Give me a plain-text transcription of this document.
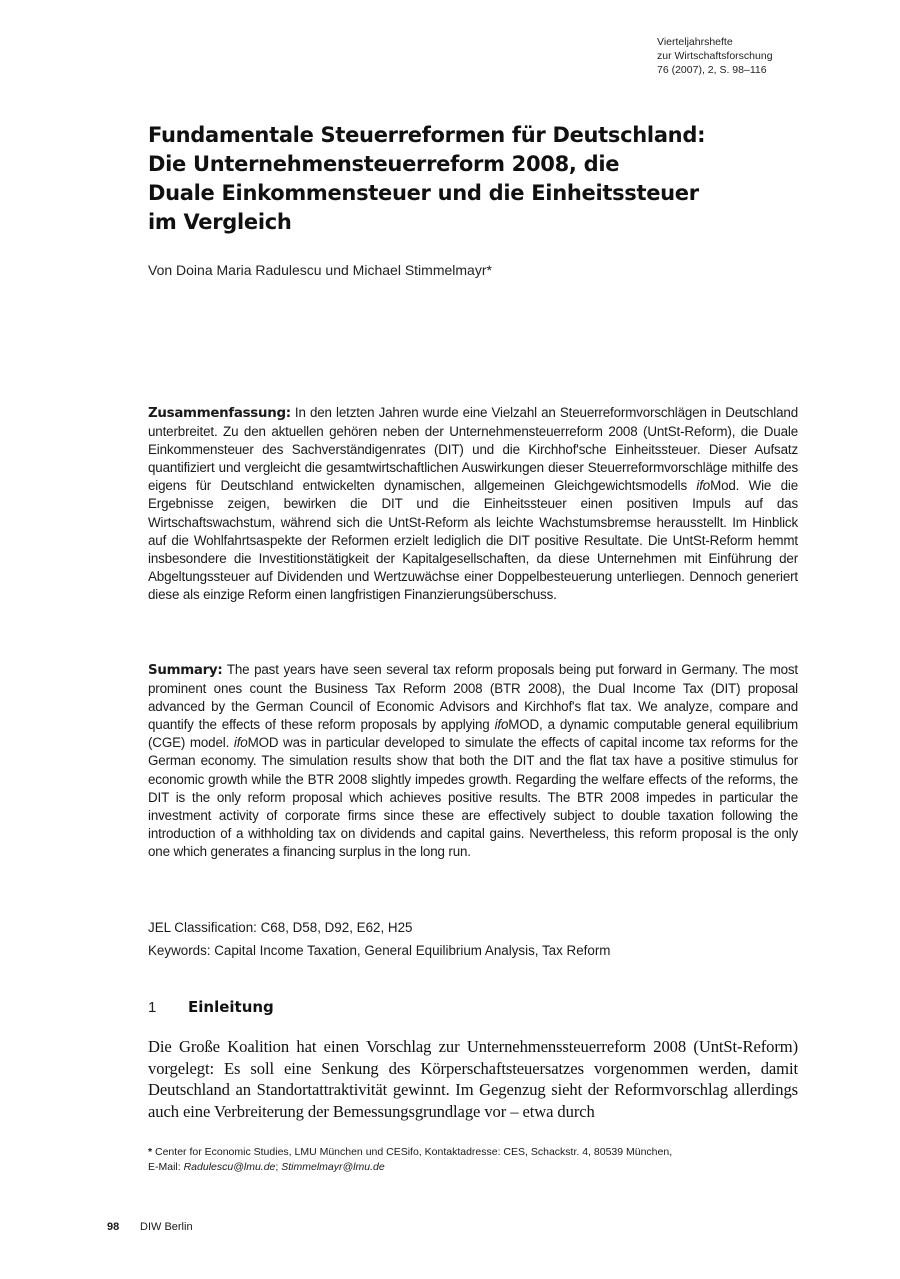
Vierteljahrshefte
zur Wirtschaftsforschung
76 (2007), 2, S. 98–116
Fundamentale Steuerreformen für Deutschland:
Die Unternehmensteuerreform 2008, die
Duale Einkommensteuer und die Einheitssteuer
im Vergleich
Von Doina Maria Radulescu und Michael Stimmelmayr*

Zusammenfassung: In den letzten Jahren wurde eine Vielzahl an Steuerreformvorschlägen in Deutschland unterbreitet. Zu den aktuellen gehören neben der Unternehmensteuerreform 2008 (UntSt-Reform), die Duale Einkommensteuer des Sachverständigenrates (DIT) und die Kirchhof'sche Einheitssteuer. Dieser Aufsatz quantifiziert und vergleicht die gesamtwirtschaftlichen Auswirkungen dieser Steuerreformvorschläge mithilfe des eigens für Deutschland entwickelten dynamischen, allgemeinen Gleichgewichtsmodells ifoMod. Wie die Ergebnisse zeigen, bewirken die DIT und die Einheitssteuer einen positiven Impuls auf das Wirtschaftswachstum, während sich die UntSt-Reform als leichte Wachstumsbremse herausstellt. Im Hinblick auf die Wohlfahrtsaspekte der Reformen erzielt lediglich die DIT positive Resultate. Die UntSt-Reform hemmt insbesondere die Investitionstätigkeit der Kapitalgesellschaften, da diese Unternehmen mit Einführung der Abgeltungssteuer auf Dividenden und Wertzuwächse einer Doppelbesteuerung unterliegen. Dennoch generiert diese als einzige Reform einen langfristigen Finanzierungsüberschuss.

Summary: The past years have seen several tax reform proposals being put forward in Germany. The most prominent ones count the Business Tax Reform 2008 (BTR 2008), the Dual Income Tax (DIT) proposal advanced by the German Council of Economic Advisors and Kirchhof's flat tax. We analyze, compare and quantify the effects of these reform proposals by applying ifoMOD, a dynamic computable general equilibrium (CGE) model. ifoMOD was in particular developed to simulate the effects of capital income tax reforms for the German economy. The simulation results show that both the DIT and the flat tax have a positive stimulus for economic growth while the BTR 2008 slightly impedes growth. Regarding the welfare effects of the reforms, the DIT is the only reform proposal which achieves positive results. The BTR 2008 impedes in particular the investment activity of corporate firms since these are effectively subject to double taxation following the introduction of a withholding tax on dividends and capital gains. Nevertheless, this reform proposal is the only one which generates a financing surplus in the long run.

JEL Classification: C68, D58, D92, E62, H25
Keywords: Capital Income Taxation, General Equilibrium Analysis, Tax Reform
1 Einleitung

Die Große Koalition hat einen Vorschlag zur Unternehmenssteuerreform 2008 (UntSt-Reform) vorgelegt: Es soll eine Senkung des Körperschaftsteuersatzes vorgenommen werden, damit Deutschland an Standortattraktivität gewinnt. Im Gegenzug sieht der Reformvorschlag allerdings auch eine Verbreiterung der Bemessungsgrundlage vor – etwa durch

* Center for Economic Studies, LMU München und CESifo, Kontaktadresse: CES, Schackstr. 4, 80539 München,
E-Mail: Radulescu@lmu.de; Stimmelmayr@lmu.de
98 DIW Berlin
